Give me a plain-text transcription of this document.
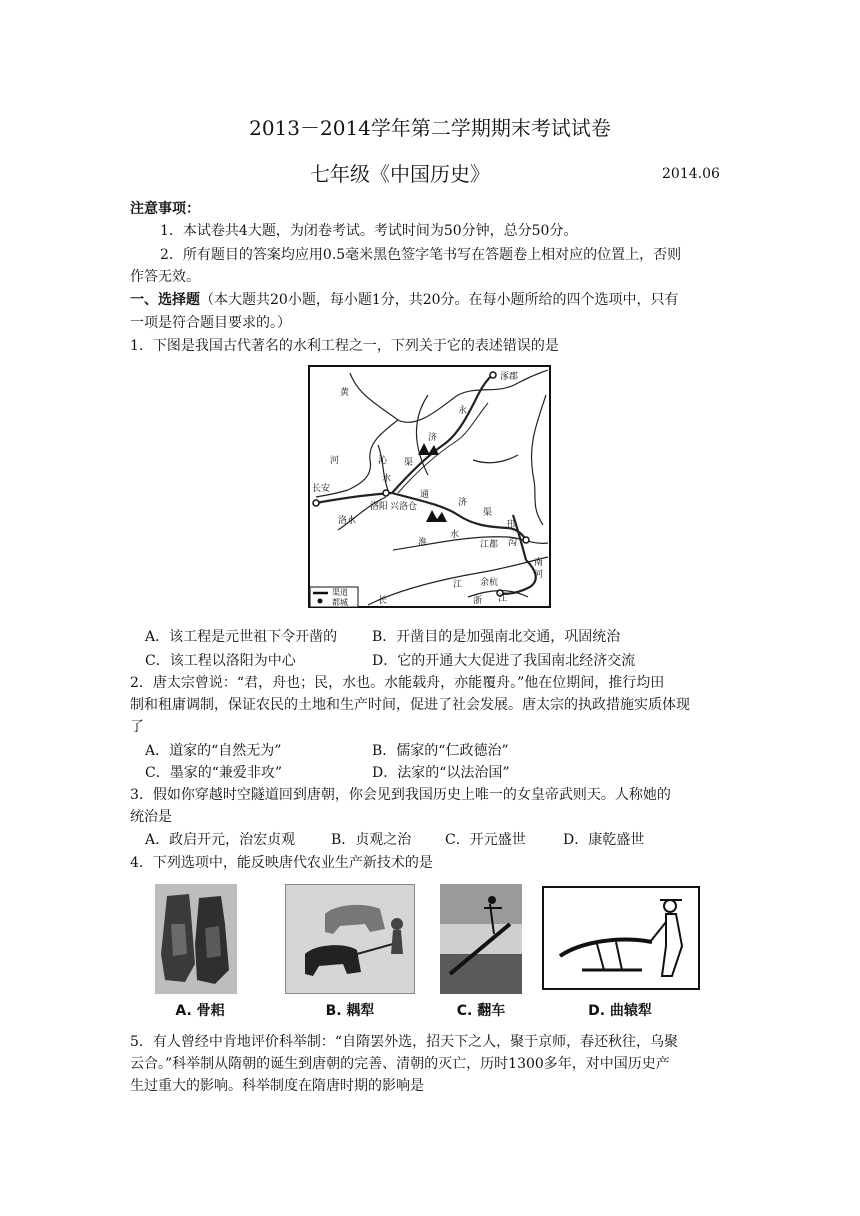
2013－2014学年第二学期期末考试试卷
七年级《中国历史》	2014.06
注意事项：
1．本试卷共4大题，为闭卷考试。考试时间为50分钟，总分50分。
2．所有题目的答案均应用0.5毫米黑色签字笔书写在答题卷上相对应的位置上，否则
作答无效。
一、选择题（本大题共20小题，每小题1分，共20分。在每小题所给的四个选项中，只有
一项是符合题目要求的。）
1．下图是我国古代著名的水利工程之一，下列关于它的表述错误的是
涿郡
永
黄
济
沁 渠
河
水
长安
洛阳 兴洛仓
通
济
渠
洛水
淮
水
邗
沟
江都
江
南
河
余杭
长	浙 江
渠道
都城
A．该工程是元世祖下令开凿的 B．开凿目的是加强南北交通，巩固统治
C．该工程以洛阳为中心	D．它的开通大大促进了我国南北经济交流
2．唐太宗曾说：“君，舟也；民，水也。水能载舟，亦能覆舟。”他在位期间，推行均田
制和租庸调制，保证农民的土地和生产时间，促进了社会发展。唐太宗的执政措施实质体现
了
A．道家的“自然无为”	B．儒家的“仁政德治”
C．墨家的“兼爱非攻”	D．法家的“以法治国”
3．假如你穿越时空隧道回到唐朝，你会见到我国历史上唯一的女皇帝武则天。人称她的
统治是
A．政启开元，治宏贞观	B．贞观之治 C．开元盛世	D．康乾盛世
4．下列选项中，能反映唐代农业生产新技术的是
A. 骨耜	B. 耦犁	C. 翻车	D. 曲辕犁
5．有人曾经中肯地评价科举制：“自隋罢外选，招天下之人，聚于京师，春还秋往，乌聚
云合。”科举制从隋朝的诞生到唐朝的完善、清朝的灭亡，历时1300多年，对中国历史产
生过重大的影响。科举制度在隋唐时期的影响是
